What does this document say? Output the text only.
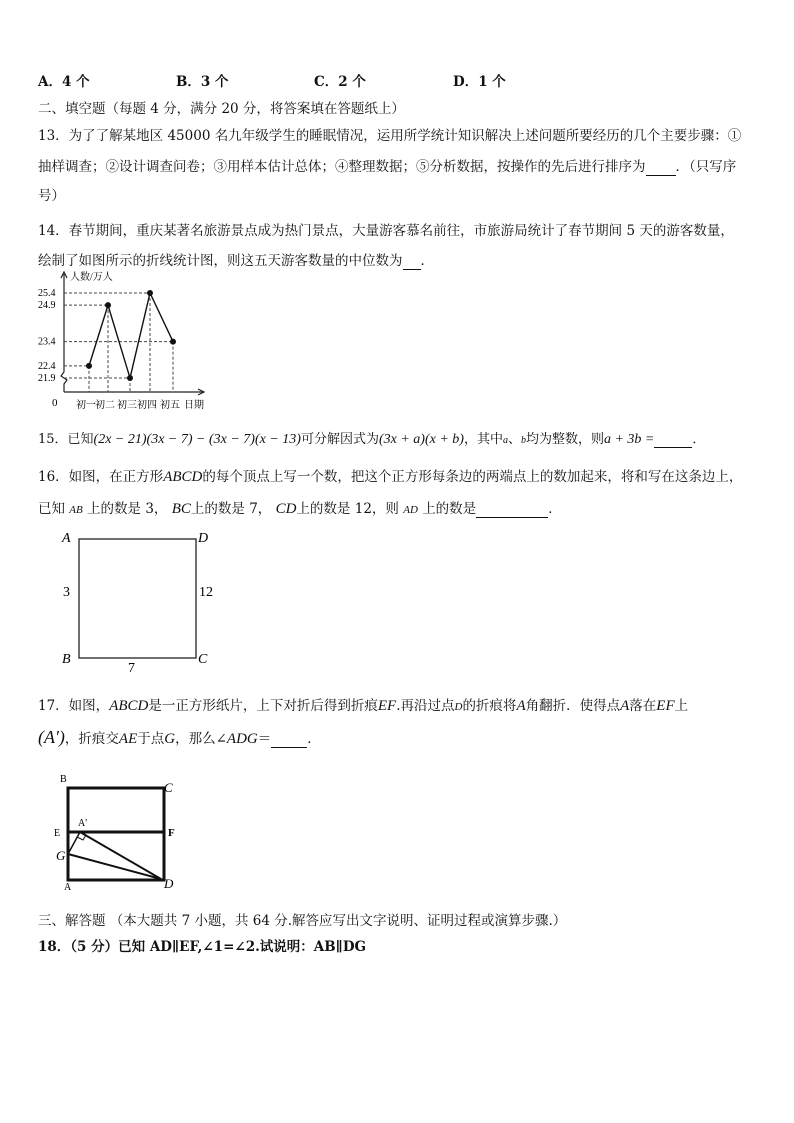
A．4 个	B．3 个	C．2 个	D．1 个
二、填空题（每题 4 分，满分 20 分，将答案填在答题纸上）
13．为了了解某地区 45000 名九年级学生的睡眠情况，运用所学统计知识解决上述问题所要经历的几个主要步骤：①
抽样调查；②设计调查问卷；③用样本估计总体；④整理数据；⑤分析数据，按操作的先后进行排序为 ．（只写序
号）
14．春节期间，重庆某著名旅游景点成为热门景点，大量游客慕名前往，市旅游局统计了春节期间 5 天的游客数量，
绘制了如图所示的折线统计图，则这五天游客数量的中位数为 ．
人数/万人
日期
0
25.4
24.9
23.4
22.4
21.9
初一 初二 初三 初四 初五
15．已知(2x − 21)(3x − 7) − (3x − 7)(x − 13)可分解因式为(3x + a)(x + b)，其中a、b均为整数，则a + 3b =	．
16．如图，在正方形ABCD的每个顶点上写一个数，把这个正方形每条边的两端点上的数加起来，将和写在这条边上，
已知 AB 上的数是 3， BC上的数是 7， CD上的数是 12，则 AD 上的数是	．
A	D
B	C
3	12
7
17．如图，ABCD是一正方形纸片，上下对折后得到折痕EF.再沿过点D的折痕将A角翻折．使得点A落在EF上
(A′)，折痕交AE于点G，那么∠ADG＝	．
B
C
E	F
A'
G
A	D
三、解答题 （本大题共 7 小题，共 64 分.解答应写出文字说明、证明过程或演算步骤.）
18．（5 分）已知 AD∥EF,∠1=∠2.试说明：AB∥DG
